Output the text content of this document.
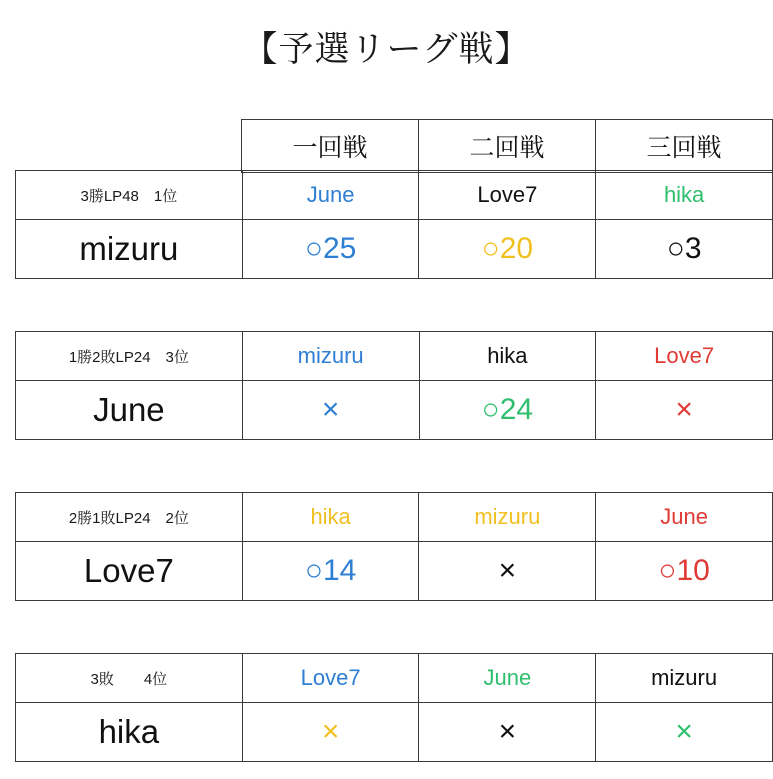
【予選リーグ戦】
	一回戦	二回戦	三回戦
3勝LP48　1位	June	Love7	hika
mizuru	○25	○20	○3
1勝2敗LP24　3位	mizuru	hika	Love7
June	×	○24	×
2勝1敗LP24　2位	hika	mizuru	June
Love7	○14	×	○10
3敗　　4位	Love7	June	mizuru
hika	×	×	×
